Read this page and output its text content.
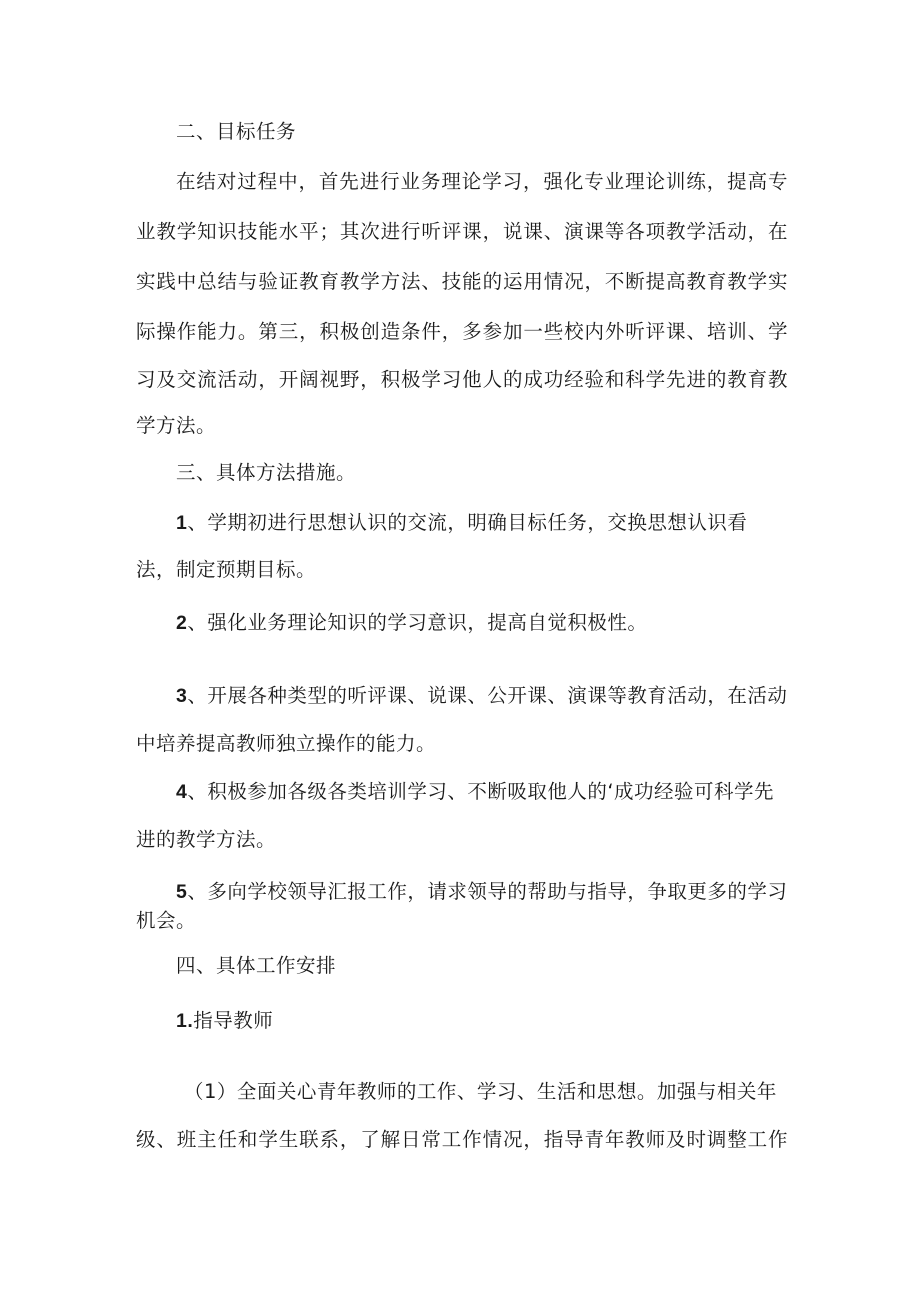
二、目标任务
在结对过程中，首先进行业务理论学习，强化专业理论训练，提高专
业教学知识技能水平；其次进行听评课，说课、演课等各项教学活动，在
实践中总结与验证教育教学方法、技能的运用情况，不断提高教育教学实
际操作能力。第三，积极创造条件，多参加一些校内外听评课、培训、学
习及交流活动，开阔视野，积极学习他人的成功经验和科学先进的教育教
学方法。
三、具体方法措施。
1、学期初进行思想认识的交流，明确目标任务，交换思想认识看
法，制定预期目标。
2、强化业务理论知识的学习意识，提高自觉积极性。
3、开展各种类型的听评课、说课、公开课、演课等教育活动，在活动
中培养提高教师独立操作的能力。
4、积极参加各级各类培训学习、不断吸取他人的‘成功经验可科学先
进的教学方法。
5、多向学校领导汇报工作，请求领导的帮助与指导，争取更多的学习
机会。
四、具体工作安排
1.指导教师
（1）全面关心青年教师的工作、学习、生活和思想。加强与相关年
级、班主任和学生联系，了解日常工作情况，指导青年教师及时调整工作
